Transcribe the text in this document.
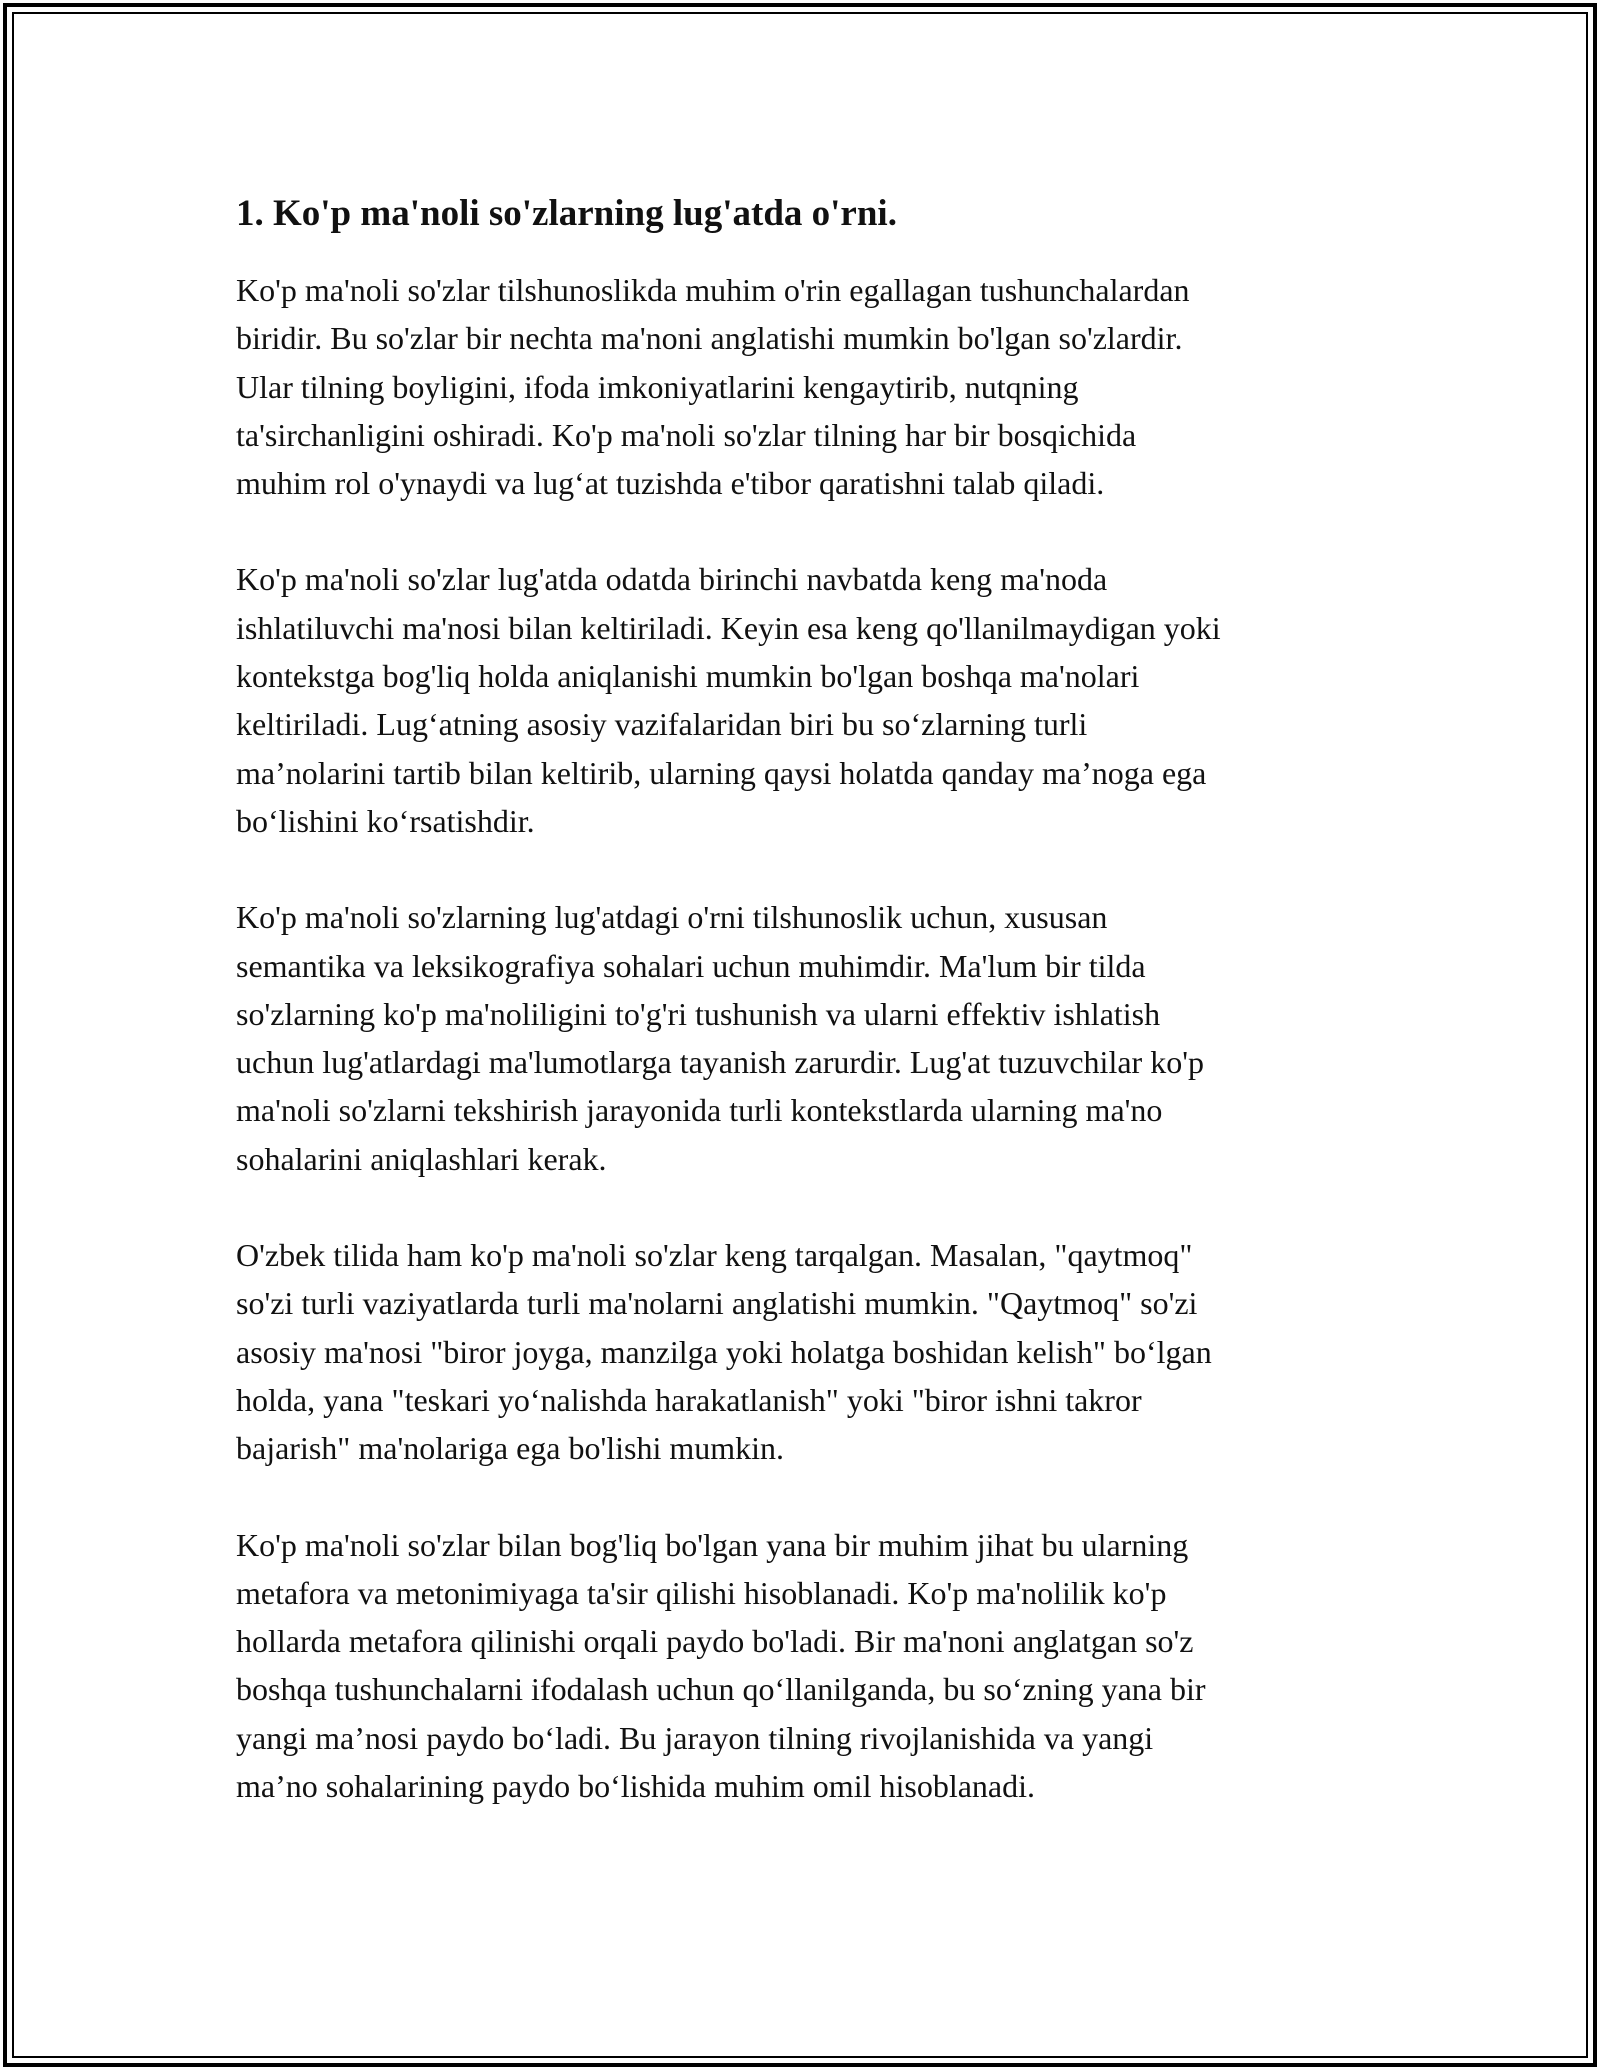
1. Ko'p ma'noli so'zlarning lug'atda o'rni.

Ko'p ma'noli so'zlar tilshunoslikda muhim o'rin egallagan tushunchalardan
biridir. Bu so'zlar bir nechta ma'noni anglatishi mumkin bo'lgan so'zlardir.
Ular tilning boyligini, ifoda imkoniyatlarini kengaytirib, nutqning
ta'sirchanligini oshiradi. Ko'p ma'noli so'zlar tilning har bir bosqichida
muhim rol o'ynaydi va lug‘at tuzishda e'tibor qaratishni talab qiladi.

Ko'p ma'noli so'zlar lug'atda odatda birinchi navbatda keng ma'noda
ishlatiluvchi ma'nosi bilan keltiriladi. Keyin esa keng qo'llanilmaydigan yoki
kontekstga bog'liq holda aniqlanishi mumkin bo'lgan boshqa ma'nolari
keltiriladi. Lug‘atning asosiy vazifalaridan biri bu so‘zlarning turli
ma’nolarini tartib bilan keltirib, ularning qaysi holatda qanday ma’noga ega
bo‘lishini ko‘rsatishdir.

Ko'p ma'noli so'zlarning lug'atdagi o'rni tilshunoslik uchun, xususan
semantika va leksikografiya sohalari uchun muhimdir. Ma'lum bir tilda
so'zlarning ko'p ma'noliligini to'g'ri tushunish va ularni effektiv ishlatish
uchun lug'atlardagi ma'lumotlarga tayanish zarurdir. Lug'at tuzuvchilar ko'p
ma'noli so'zlarni tekshirish jarayonida turli kontekstlarda ularning ma'no
sohalarini aniqlashlari kerak.

O'zbek tilida ham ko'p ma'noli so'zlar keng tarqalgan. Masalan, "qaytmoq"
so'zi turli vaziyatlarda turli ma'nolarni anglatishi mumkin. "Qaytmoq" so'zi
asosiy ma'nosi "biror joyga, manzilga yoki holatga boshidan kelish" bo‘lgan
holda, yana "teskari yo‘nalishda harakatlanish" yoki "biror ishni takror
bajarish" ma'nolariga ega bo'lishi mumkin.

Ko'p ma'noli so'zlar bilan bog'liq bo'lgan yana bir muhim jihat bu ularning
metafora va metonimiyaga ta'sir qilishi hisoblanadi. Ko'p ma'nolilik ko'p
hollarda metafora qilinishi orqali paydo bo'ladi. Bir ma'noni anglatgan so'z
boshqa tushunchalarni ifodalash uchun qo‘llanilganda, bu so‘zning yana bir
yangi ma’nosi paydo bo‘ladi. Bu jarayon tilning rivojlanishida va yangi
ma’no sohalarining paydo bo‘lishida muhim omil hisoblanadi.
